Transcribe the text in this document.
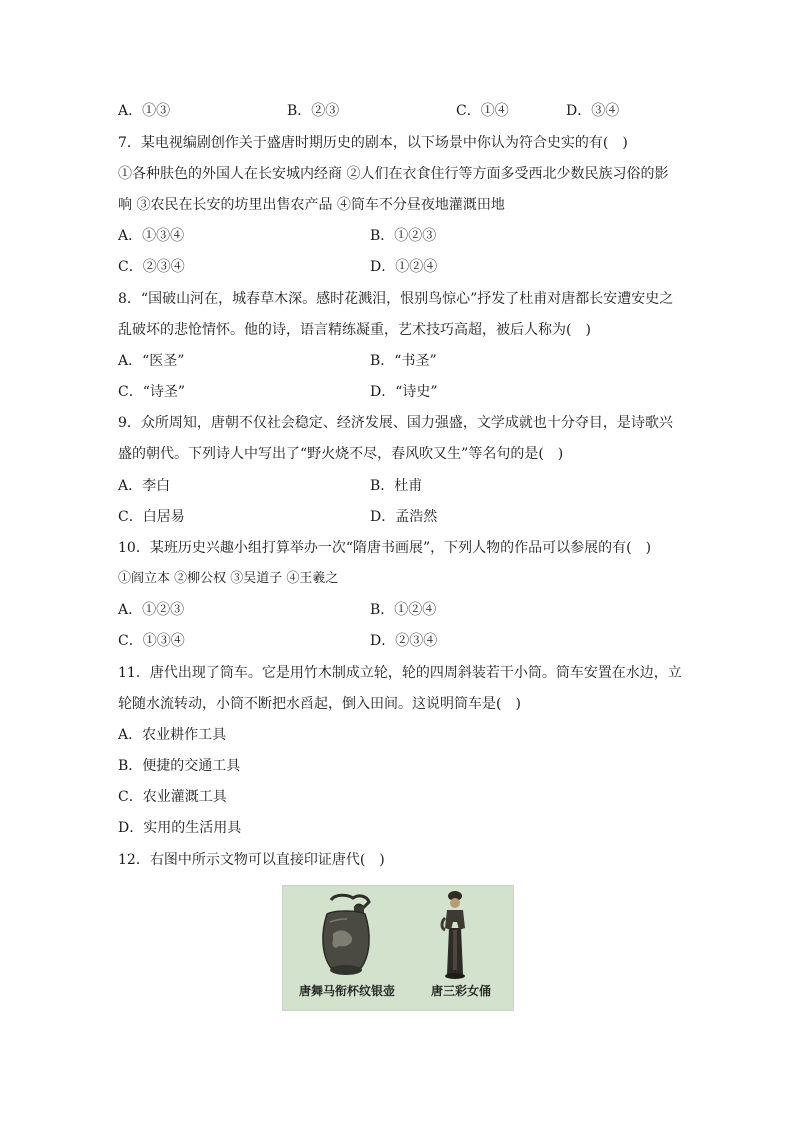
A．①③	B．②③	C．①④	D．③④
7．某电视编剧创作关于盛唐时期历史的剧本，以下场景中你认为符合史实的有(　)
①各种肤色的外国人在长安城内经商 ②人们在衣食住行等方面多受西北少数民族习俗的影
响 ③农民在长安的坊里出售农产品 ④筒车不分昼夜地灌溉田地
A．①③④	B．①②③
C．②③④	D．①②④
8．“国破山河在，城春草木深。感时花溅泪，恨别鸟惊心”抒发了杜甫对唐都长安遭安史之
乱破坏的悲怆情怀。他的诗，语言精练凝重，艺术技巧高超，被后人称为(　)
A．“医圣”	B．“书圣”
C．“诗圣”	D．“诗史”
9．众所周知，唐朝不仅社会稳定、经济发展、国力强盛，文学成就也十分夺目，是诗歌兴
盛的朝代。下列诗人中写出了“野火烧不尽，春风吹又生”等名句的是(　)
A．李白	B．杜甫
C．白居易	D．孟浩然
10．某班历史兴趣小组打算举办一次“隋唐书画展”，下列人物的作品可以参展的有(　)
①阎立本 ②柳公权 ③吴道子 ④王羲之
A．①②③	B．①②④
C．①③④	D．②③④
11．唐代出现了筒车。它是用竹木制成立轮，轮的四周斜装若干小筒。筒车安置在水边，立
轮随水流转动，小筒不断把水舀起，倒入田间。这说明筒车是(　)
A．农业耕作工具
B．便捷的交通工具
C．农业灌溉工具
D．实用的生活用具
12．右图中所示文物可以直接印证唐代(　)
唐舞马衔杯纹银壶	唐三彩女俑
